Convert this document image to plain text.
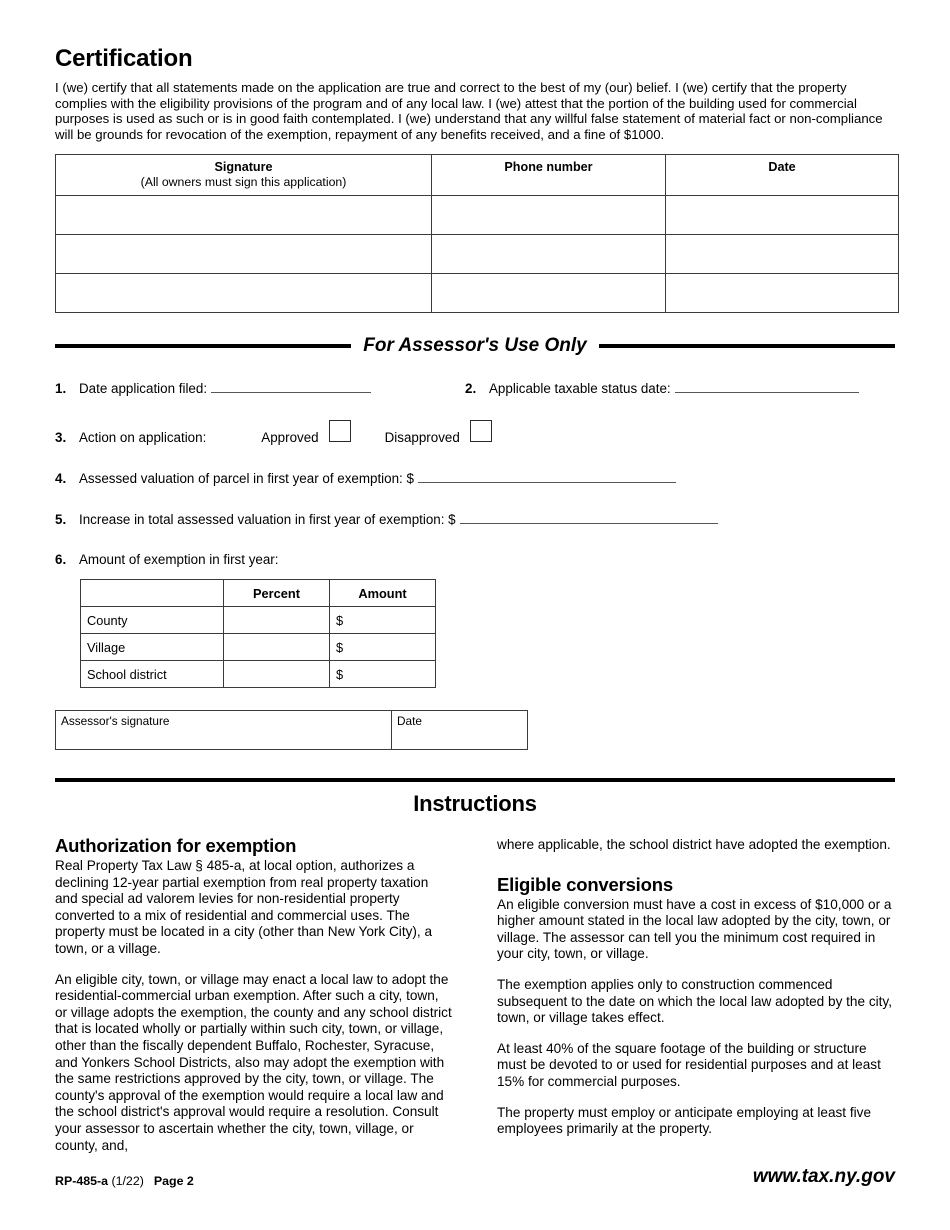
Certification

I (we) certify that all statements made on the application are true and correct to the best of my (our) belief. I (we) certify that the property complies with the eligibility provisions of the program and of any local law. I (we) attest that the portion of the building used for commercial purposes is used as such or is in good faith contemplated. I (we) understand that any willful false statement of material fact or non-compliance will be grounds for revocation of the exemption, repayment of any benefits received, and a fine of $1000.

Signature
(All owners must sign this application)	Phone number	Date

For Assessor's Use Only
1. Date application filed:	2. Applicable taxable status date:
3. Action on application:	Approved	Disapproved
4. Assessed valuation of parcel in first year of exemption: $
5. Increase in total assessed valuation in first year of exemption: $
6. Amount of exemption in first year:
	Percent	Amount
County		$
Village		$
School district		$
Assessor's signature	Date
Instructions
Authorization for exemption

Real Property Tax Law § 485-a, at local option, authorizes a declining 12-year partial exemption from real property taxation and special ad valorem levies for non-residential property converted to a mix of residential and commercial uses. The property must be located in a city (other than New York City), a town, or a village.

An eligible city, town, or village may enact a local law to adopt the residential-commercial urban exemption. After such a city, town, or village adopts the exemption, the county and any school district that is located wholly or partially within such city, town, or village, other than the fiscally dependent Buffalo, Rochester, Syracuse, and Yonkers School Districts, also may adopt the exemption with the same restrictions approved by the city, town, or village. The county's approval of the exemption would require a local law and the school district's approval would require a resolution. Consult your assessor to ascertain whether the city, town, village, or county, and,

where applicable, the school district have adopted the exemption.

Eligible conversions

An eligible conversion must have a cost in excess of $10,000 or a higher amount stated in the local law adopted by the city, town, or village. The assessor can tell you the minimum cost required in your city, town, or village.

The exemption applies only to construction commenced subsequent to the date on which the local law adopted by the city, town, or village takes effect.

At least 40% of the square footage of the building or structure must be devoted to or used for residential purposes and at least 15% for commercial purposes.

The property must employ or anticipate employing at least five employees primarily at the property.

RP-485-a (1/22) Page 2	www.tax.ny.gov
